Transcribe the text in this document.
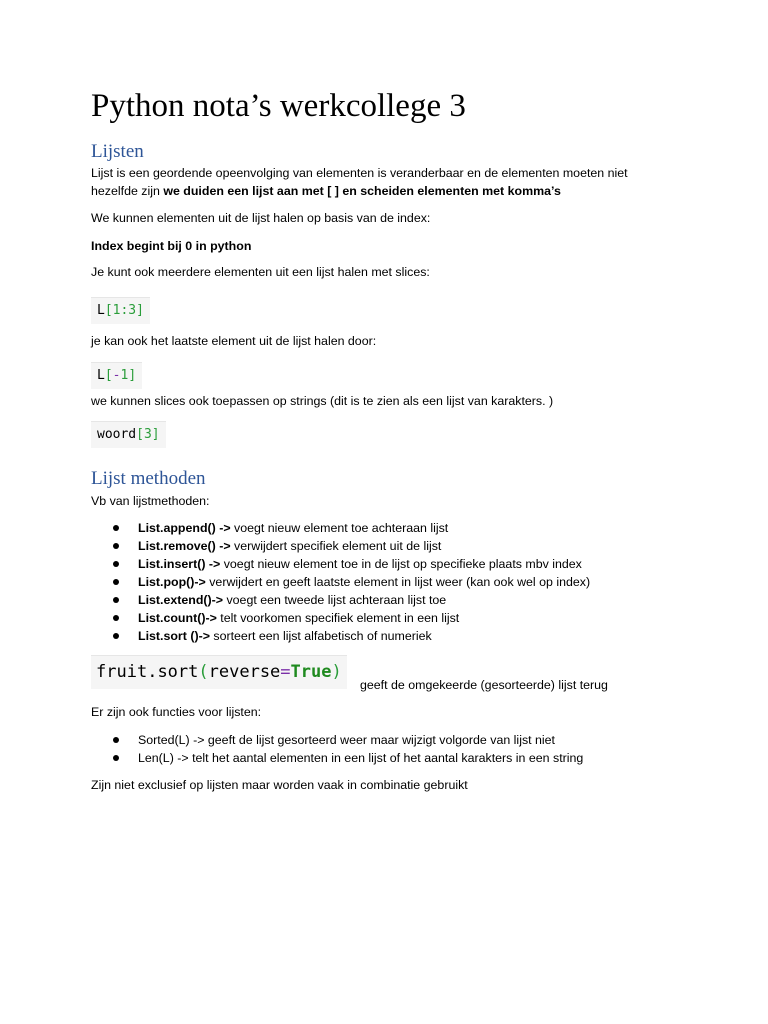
Python nota’s werkcollege 3
Lijsten

Lijst is een geordende opeenvolging van elementen is veranderbaar en de elementen moeten niet

hezelfde zijn we duiden een lijst aan met [ ] en scheiden elementen met komma’s

We kunnen elementen uit de lijst halen op basis van de index:

Index begint bij 0 in python

Je kunt ook meerdere elementen uit een lijst halen met slices:

L[1:3]

je kan ook het laatste element uit de lijst halen door:

L[-1]

we kunnen slices ook toepassen op strings (dit is te zien als een lijst van karakters. )

woord[3]
Lijst methoden

Vb van lijstmethoden:

List.append() -> voegt nieuw element toe achteraan lijst
List.remove() -> verwijdert specifiek element uit de lijst
List.insert() -> voegt nieuw element toe in de lijst op specifieke plaats mbv index
List.pop()-> verwijdert en geeft laatste element in lijst weer (kan ook wel op index)
List.extend()-> voegt een tweede lijst achteraan lijst toe
List.count()-> telt voorkomen specifiek element in een lijst
List.sort ()-> sorteert een lijst alfabetisch of numeriek
fruit.sort(reverse=True)

geeft de omgekeerde (gesorteerde) lijst terug

Er zijn ook functies voor lijsten:

Sorted(L) -> geeft de lijst gesorteerd weer maar wijzigt volgorde van lijst niet
Len(L) -> telt het aantal elementen in een lijst of het aantal karakters in een string

Zijn niet exclusief op lijsten maar worden vaak in combinatie gebruikt
